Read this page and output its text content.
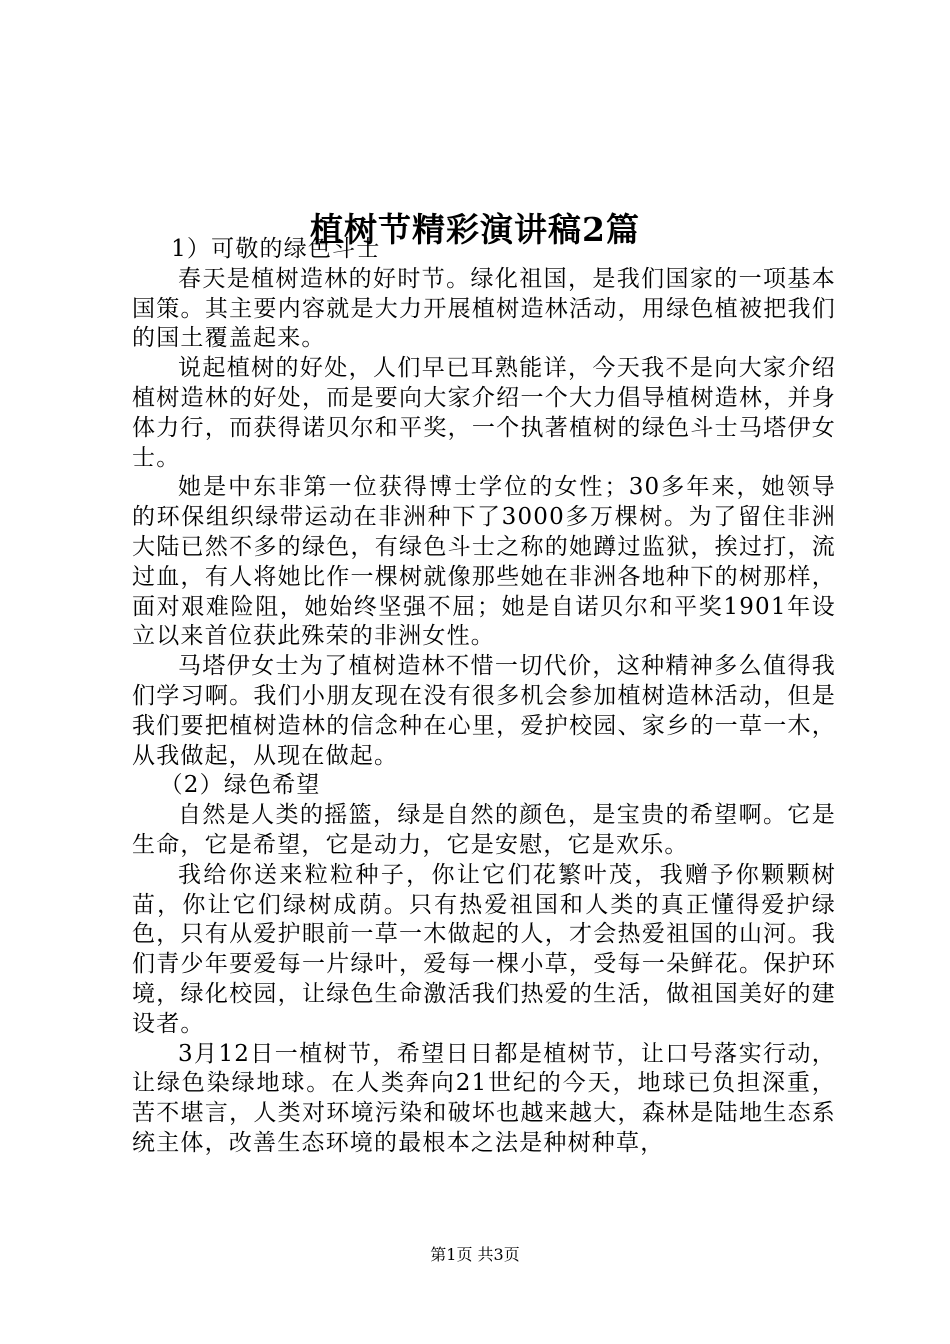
植树节精彩演讲稿2篇

1）可敬的绿色斗士

春天是植树造林的好时节。绿化祖国，是我们国家的一项基本国策。其主要内容就是大力开展植树造林活动，用绿色植被把我们的国土覆盖起来。

说起植树的好处，人们早已耳熟能详，今天我不是向大家介绍植树造林的好处，而是要向大家介绍一个大力倡导植树造林，并身体力行，而获得诺贝尔和平奖，一个执著植树的绿色斗士马塔伊女士。

她是中东非第一位获得博士学位的女性；30多年来，她领导的环保组织绿带运动在非洲种下了3000多万棵树。为了留住非洲大陆已然不多的绿色，有绿色斗士之称的她蹲过监狱，挨过打，流过血，有人将她比作一棵树就像那些她在非洲各地种下的树那样，面对艰难险阻，她始终坚强不屈；她是自诺贝尔和平奖1901年设立以来首位获此殊荣的非洲女性。

马塔伊女士为了植树造林不惜一切代价，这种精神多么值得我们学习啊。我们小朋友现在没有很多机会参加植树造林活动，但是我们要把植树造林的信念种在心里，爱护校园、家乡的一草一木，从我做起，从现在做起。

（2）绿色希望

自然是人类的摇篮，绿是自然的颜色，是宝贵的希望啊。它是生命，它是希望，它是动力，它是安慰，它是欢乐。

我给你送来粒粒种子，你让它们花繁叶茂，我赠予你颗颗树苗，你让它们绿树成荫。只有热爱祖国和人类的真正懂得爱护绿色，只有从爱护眼前一草一木做起的人，才会热爱祖国的山河。我们青少年要爱每一片绿叶，爱每一棵小草，受每一朵鲜花。保护环境，绿化校园，让绿色生命激活我们热爱的生活，做祖国美好的建设者。

3月12日一植树节，希望日日都是植树节，让口号落实行动，让绿色染绿地球。在人类奔向21世纪的今天，地球已负担深重，苦不堪言，人类对环境污染和破坏也越来越大，森林是陆地生态系统主体，改善生态环境的最根本之法是种树种草，

第1页 共3页
